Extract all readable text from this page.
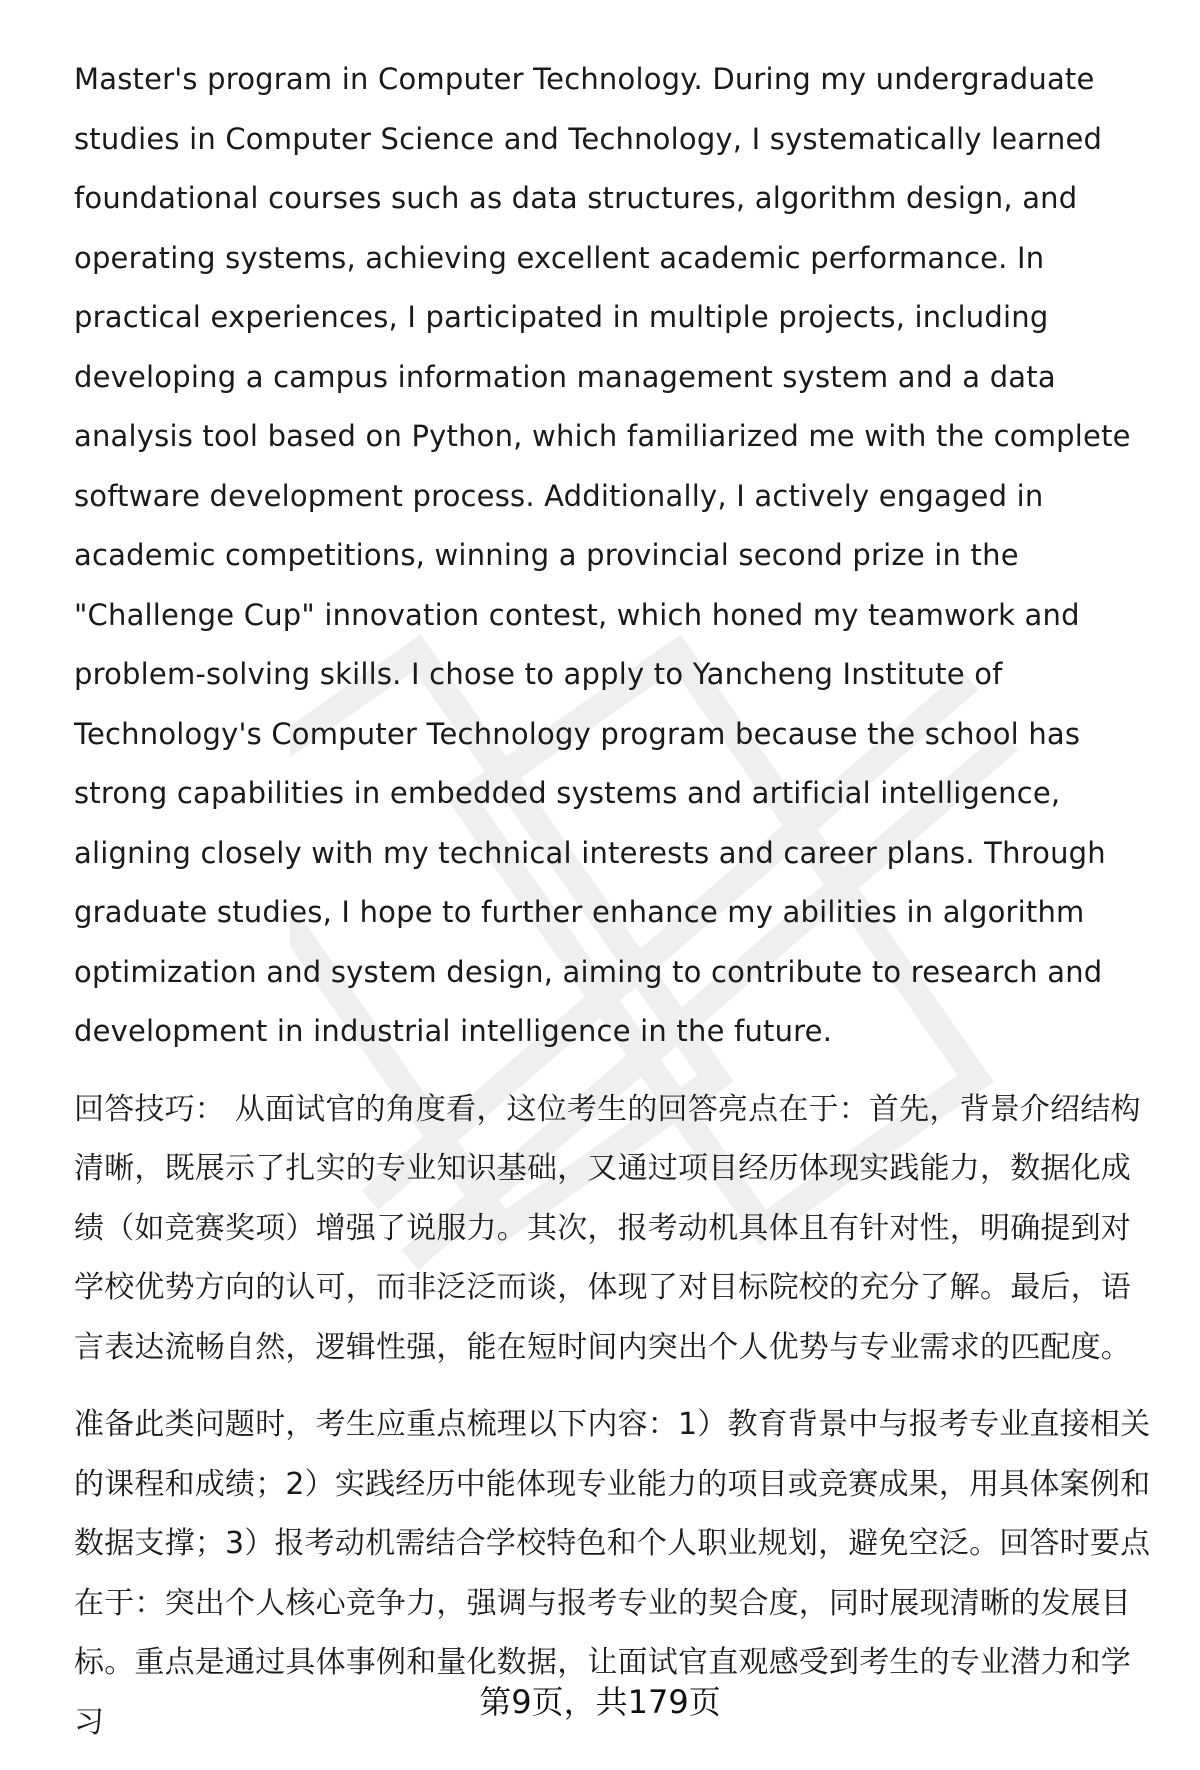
Master's program in Computer Technology. During my undergraduate studies in Computer Science and Technology, I systematically learned foundational courses such as data structures, algorithm design, and operating systems, achieving excellent academic performance. In practical experiences, I participated in multiple projects, including developing a campus information management system and a data analysis tool based on Python, which familiarized me with the complete software development process. Additionally, I actively engaged in academic competitions, winning a provincial second prize in the "Challenge Cup" innovation contest, which honed my teamwork and problem-solving skills. I chose to apply to Yancheng Institute of Technology's Computer Technology program because the school has strong capabilities in embedded systems and artificial intelligence, aligning closely with my technical interests and career plans. Through graduate studies, I hope to further enhance my abilities in algorithm optimization and system design, aiming to contribute to research and development in industrial intelligence in the future.

回答技巧： 从面试官的角度看，这位考生的回答亮点在于：首先，背景介绍结构清晰，既展示了扎实的专业知识基础，又通过项目经历体现实践能力，数据化成绩（如竞赛奖项）增强了说服力。其次，报考动机具体且有针对性，明确提到对学校优势方向的认可，而非泛泛而谈，体现了对目标院校的充分了解。最后，语言表达流畅自然，逻辑性强，能在短时间内突出个人优势与专业需求的匹配度。

准备此类问题时，考生应重点梳理以下内容：1）教育背景中与报考专业直接相关的课程和成绩；2）实践经历中能体现专业能力的项目或竞赛成果，用具体案例和数据支撑；3）报考动机需结合学校特色和个人职业规划，避免空泛。回答时要点在于：突出个人核心竞争力，强调与报考专业的契合度，同时展现清晰的发展目标。重点是通过具体事例和量化数据，让面试官直观感受到考生的专业潜力和学习

第9页，共179页
